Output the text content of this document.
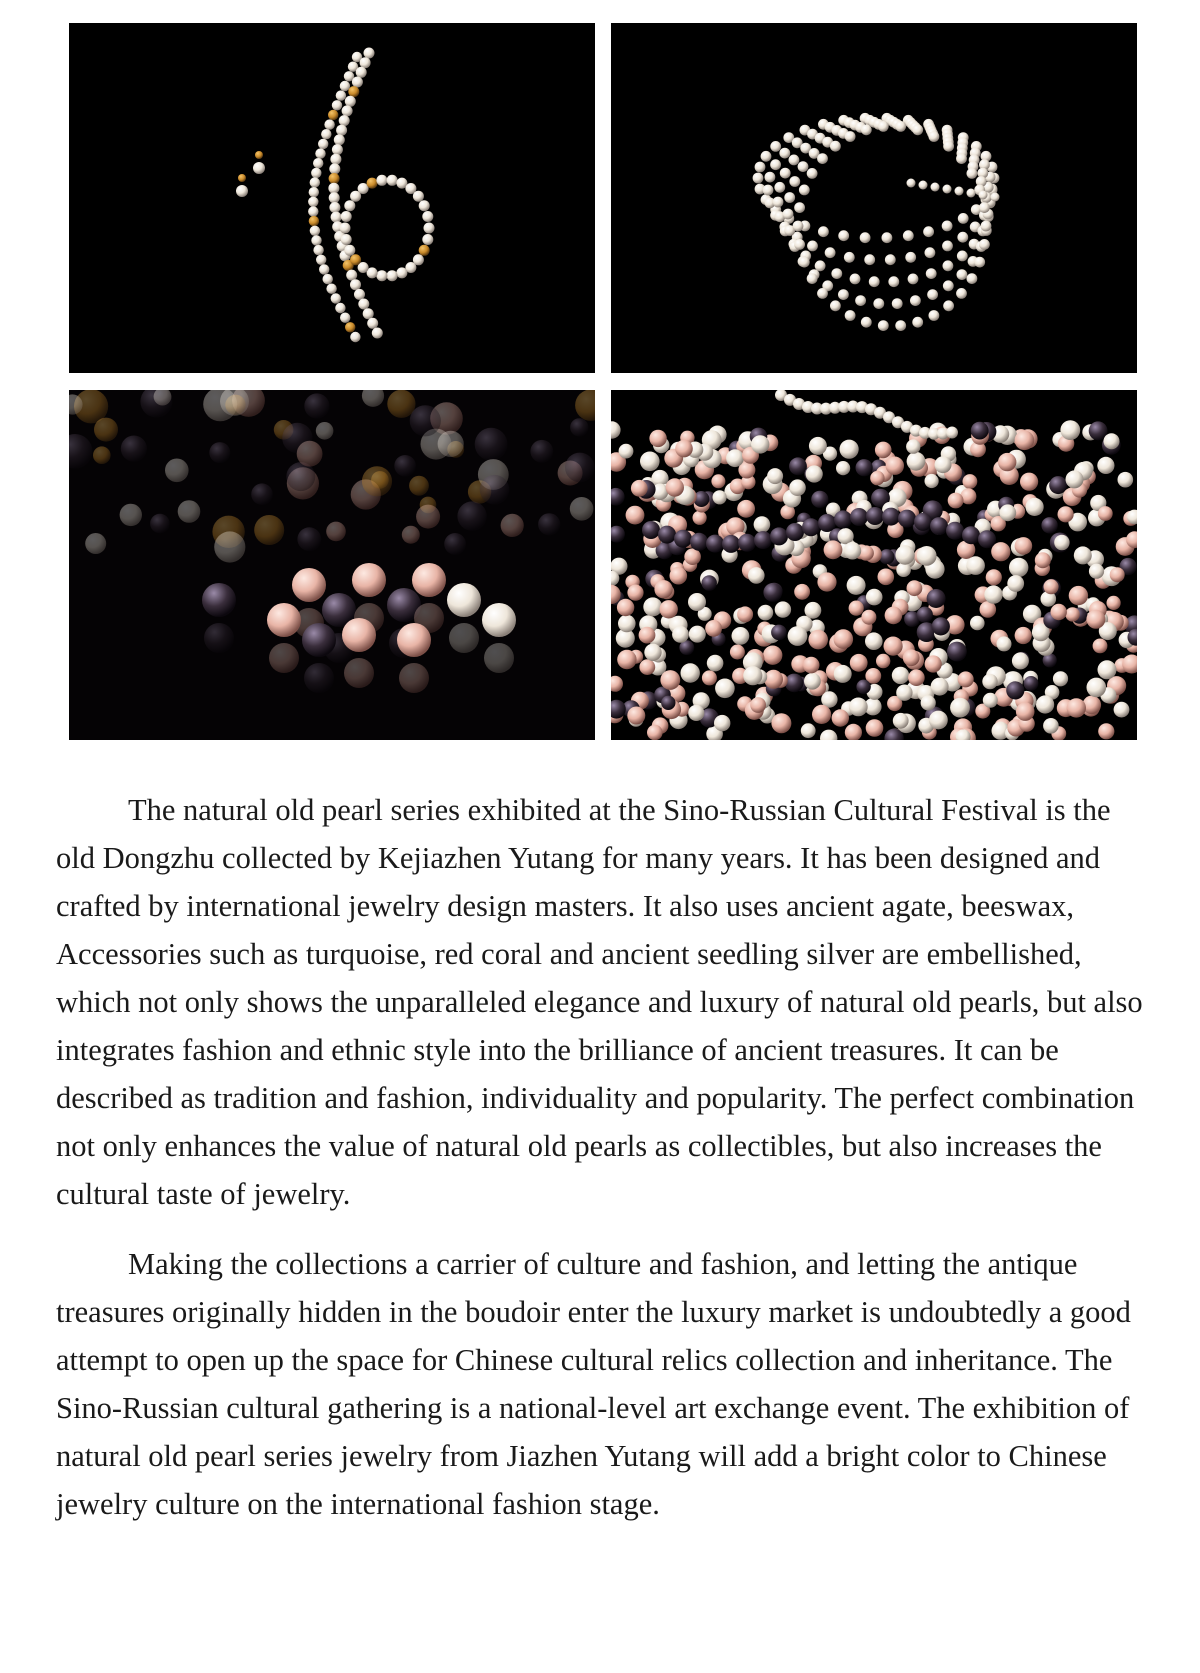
The natural old pearl series exhibited at the Sino-Russian Cultural Festival is the old Dongzhu collected by Kejiazhen Yutang for many years. It has been designed and crafted by international jewelry design masters. It also uses ancient agate, beeswax, Accessories such as turquoise, red coral and ancient seedling silver are embellished, which not only shows the unparalleled elegance and luxury of natural old pearls, but also integrates fashion and ethnic style into the brilliance of ancient treasures. It can be described as tradition and fashion, individuality and popularity. The perfect combination not only enhances the value of natural old pearls as collectibles, but also increases the cultural taste of jewelry.

Making the collections a carrier of culture and fashion, and letting the antique treasures originally hidden in the boudoir enter the luxury market is undoubtedly a good attempt to open up the space for Chinese cultural relics collection and inheritance. The Sino-Russian cultural gathering is a national-level art exchange event. The exhibition of natural old pearl series jewelry from Jiazhen Yutang will add a bright color to Chinese jewelry culture on the international fashion stage.
